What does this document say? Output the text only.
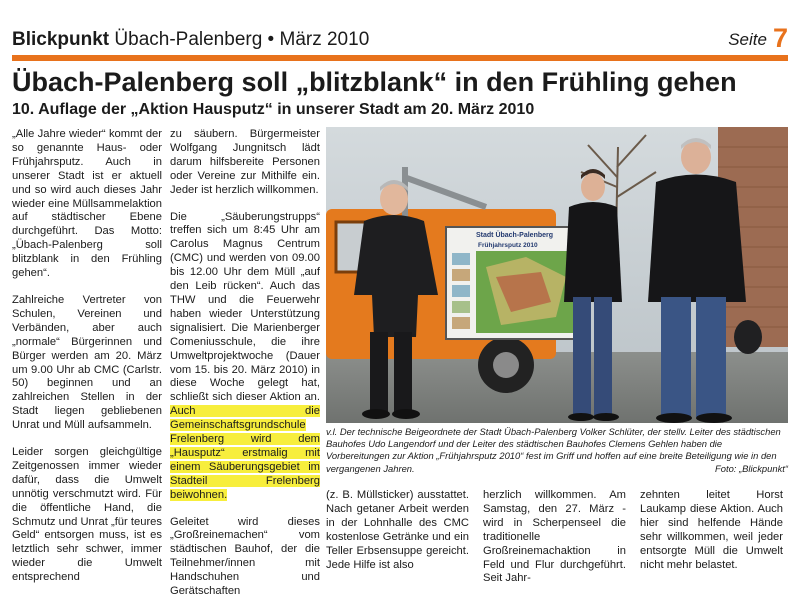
Blickpunkt Übach-Palenberg • März 2010	Seite 7
Übach-Palenberg soll „blitzblank“ in den Frühling gehen
10. Auflage der „Aktion Hausputz“ in unserer Stadt am 20. März 2010

„Alle Jahre wieder“ kommt der so genannte Haus- oder Frühjahrsputz. Auch in unserer Stadt ist er aktuell und so wird auch dieses Jahr wieder eine Müllsammelaktion auf städtischer Ebene durchgeführt. Das Motto: „Übach-Palenberg soll blitzblank in den Frühling gehen“.

Zahlreiche Vertreter von Schulen, Vereinen und Verbänden, aber auch „normale“ Bürgerinnen und Bürger werden am 20. März um 9.00 Uhr ab CMC (Carlstr. 50) beginnen und an zahlreichen Stellen in der Stadt liegen gebliebenen Unrat und Müll aufsammeln.

Leider sorgen gleichgültige Zeitgenossen immer wieder dafür, dass die Umwelt unnötig verschmutzt wird. Für die öffentliche Hand, die Schmutz und Unrat „für teures Geld“ entsorgen muss, ist es letztlich sehr schwer, immer wieder die Umwelt entsprechend

zu säubern. Bürgermeister Wolfgang Jungnitsch lädt darum hilfsbereite Personen oder Vereine zur Mithilfe ein. Jeder ist herzlich willkommen.

Die „Säuberungstrupps“ treffen sich um 8:45 Uhr am Carolus Magnus Centrum (CMC) und werden von 09.00 bis 12.00 Uhr dem Müll „auf den Leib rücken“. Auch das THW und die Feuerwehr haben wieder Unterstützung signalisiert. Die Marienberger Comeniusschule, die ihre Umweltprojektwoche (Dauer vom 15. bis 20. März 2010) in diese Woche gelegt hat, schließt sich dieser Aktion an. Auch die Gemeinschaftsgrundschule Frelenberg wird dem „Hausputz“ erstmalig mit einem Säuberungsgebiet im Stadteil Frelenberg beiwohnen.

Geleitet wird dieses „Großreinemachen“ vom städtischen Bauhof, der die Teilnehmer/innen mit Handschuhen und Gerätschaften

Stadt Übach-Palenberg
Frühjahrsputz 2010
v.l. Der technische Beigeordnete der Stadt Übach-Palenberg Volker Schlüter, der stellv. Leiter des städtischen Bauhofes Udo Langendorf und der Leiter des städtischen Bauhofes Clemens Gehlen haben die Vorbereitungen zur Aktion „Frühjahrsputz 2010“ fest im Griff und hoffen auf eine breite Beteiligung wie in den vergangenen Jahren.	Foto: „Blickpunkt“
(z. B. Müllsticker) ausstattet. Nach getaner Arbeit werden in der Lohnhalle des CMC kostenlose Getränke und ein Teller Erbsensuppe gereicht. Jede Hilfe ist also
herzlich willkommen. Am Samstag, den 27. März - wird in Scherpenseel die traditionelle Großreinemachaktion in Feld und Flur durchgeführt. Seit Jahr-
zehnten leitet Horst Laukamp diese Aktion. Auch hier sind helfende Hände sehr willkommen, weil jeder entsorgte Müll die Umwelt nicht mehr belastet.
